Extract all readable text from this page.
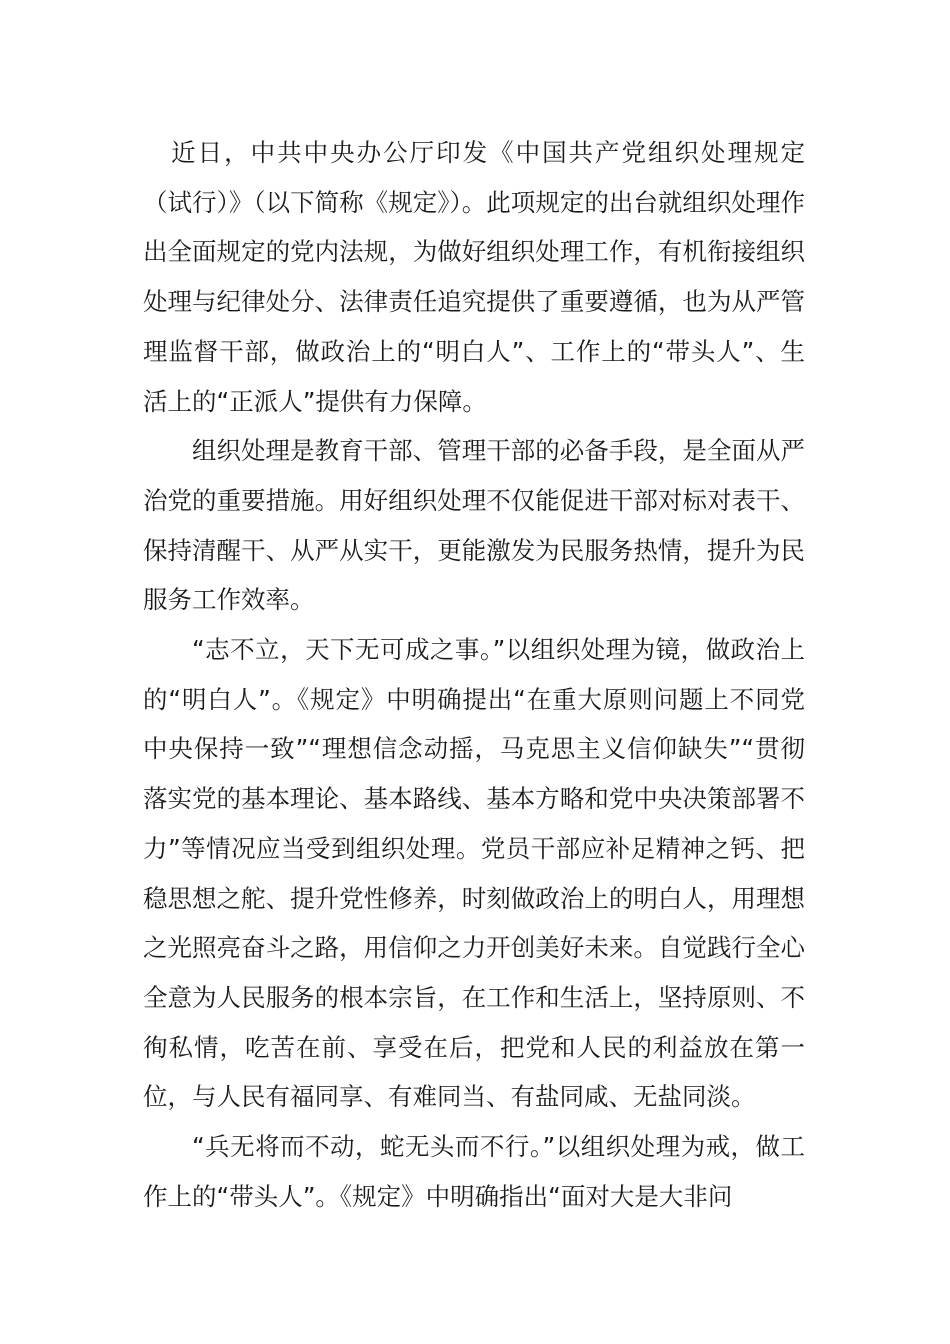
近日，中共中央办公厅印发《中国共产党组织处理规定（试行）》（以下简称《规定》）。此项规定的出台就组织处理作出全面规定的党内法规，为做好组织处理工作，有机衔接组织处理与纪律处分、法律责任追究提供了重要遵循，也为从严管理监督干部，做政治上的“明白人”、工作上的“带头人”、生活上的“正派人”提供有力保障。

组织处理是教育干部、管理干部的必备手段，是全面从严治党的重要措施。用好组织处理不仅能促进干部对标对表干、保持清醒干、从严从实干，更能激发为民服务热情，提升为民服务工作效率。

“志不立，天下无可成之事。”以组织处理为镜，做政治上的“明白人”。《规定》中明确提出“在重大原则问题上不同党中央保持一致”“理想信念动摇，马克思主义信仰缺失”“贯彻落实党的基本理论、基本路线、基本方略和党中央决策部署不力”等情况应当受到组织处理。党员干部应补足精神之钙、把稳思想之舵、提升党性修养，时刻做政治上的明白人，用理想之光照亮奋斗之路，用信仰之力开创美好未来。自觉践行全心全意为人民服务的根本宗旨，在工作和生活上，坚持原则、不徇私情，吃苦在前、享受在后，把党和人民的利益放在第一位，与人民有福同享、有难同当、有盐同咸、无盐同淡。

“兵无将而不动，蛇无头而不行。”以组织处理为戒，做工作上的“带头人”。《规定》中明确指出“面对大是大非问
